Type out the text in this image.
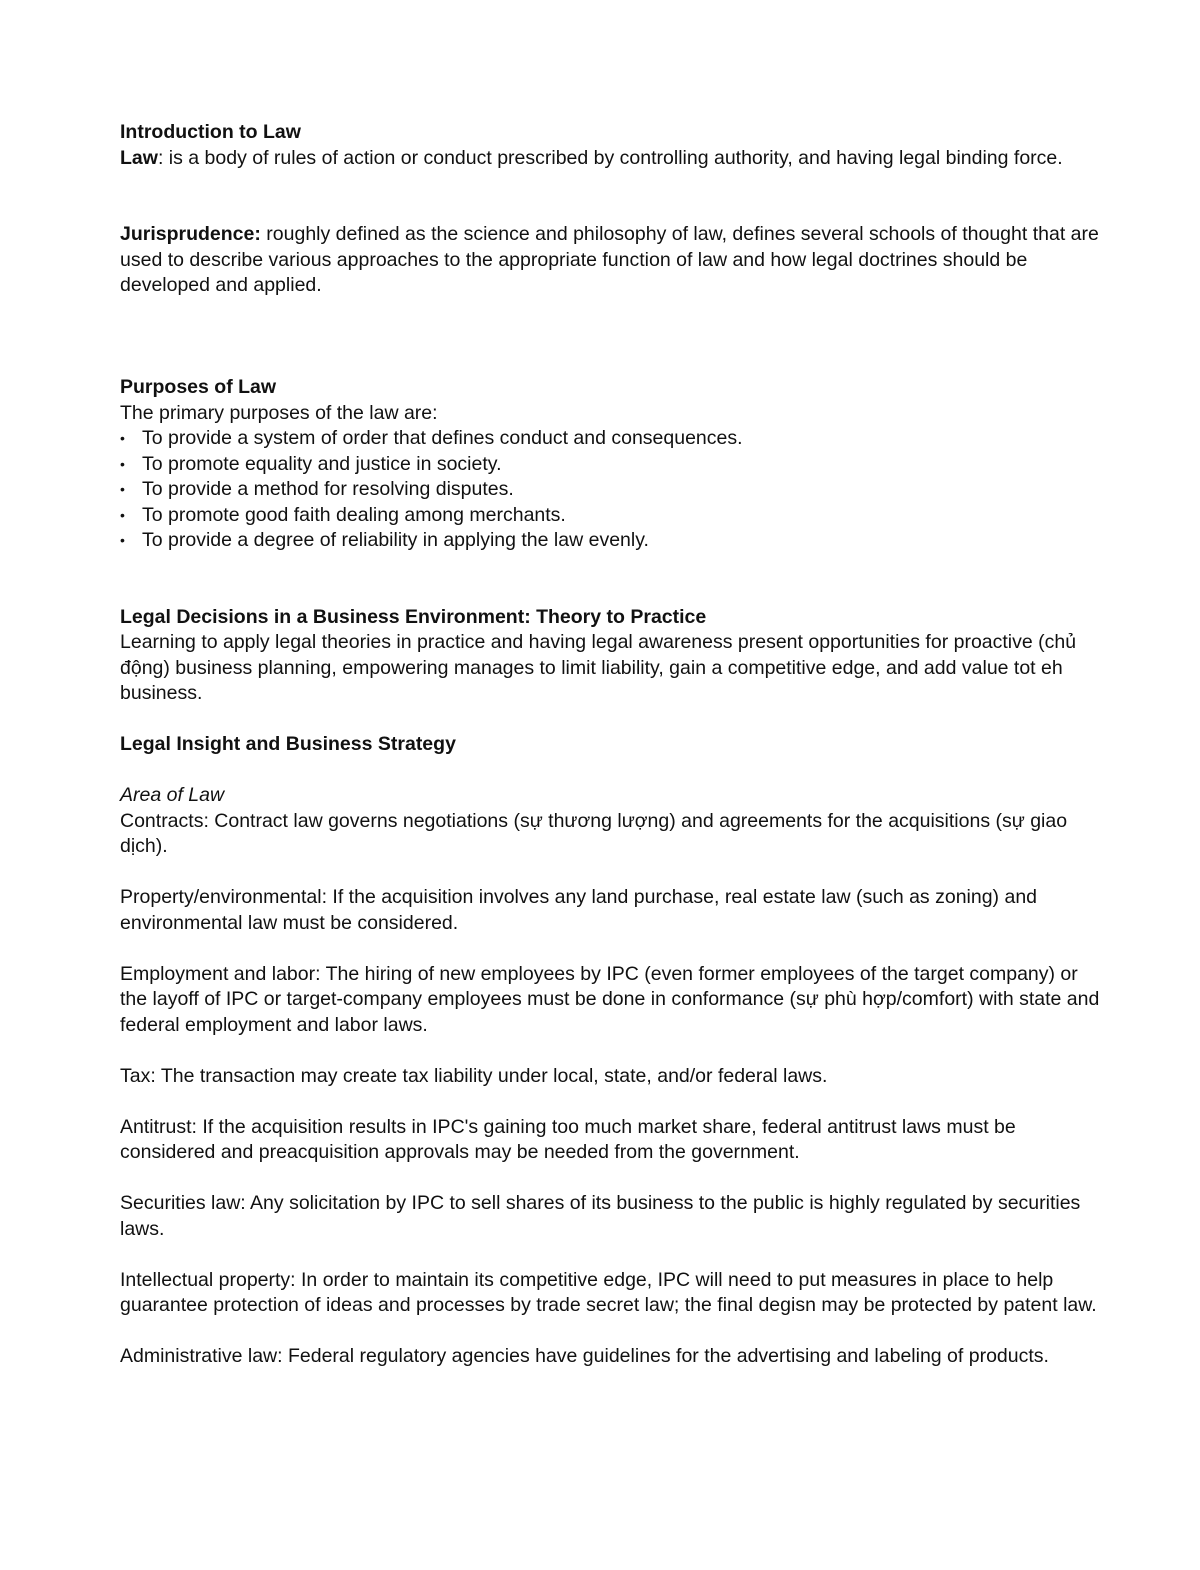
Introduction to Law

Law: is a body of rules of action or conduct prescribed by controlling authority, and having legal binding force.

Jurisprudence: roughly defined as the science and philosophy of law, defines several schools of thought that are used to describe various approaches to the appropriate function of law and how legal doctrines should be developed and applied.

Purposes of Law

The primary purposes of the law are:

• To provide a system of order that defines conduct and consequences.
• To promote equality and justice in society.
• To provide a method for resolving disputes.
• To promote good faith dealing among merchants.
• To provide a degree of reliability in applying the law evenly.

Legal Decisions in a Business Environment: Theory to Practice

Learning to apply legal theories in practice and having legal awareness present opportunities for proactive (chủ động) business planning, empowering manages to limit liability, gain a competitive edge, and add value tot eh business.

Legal Insight and Business Strategy

Area of Law

Contracts: Contract law governs negotiations (sự thương lượng) and agreements for the acquisitions (sự giao dịch).

Property/environmental: If the acquisition involves any land purchase, real estate law (such as zoning) and environmental law must be considered.

Employment and labor: The hiring of new employees by IPC (even former employees of the target company) or the layoff of IPC or target-company employees must be done in conformance (sự phù hợp/comfort) with state and federal employment and labor laws.

Tax: The transaction may create tax liability under local, state, and/or federal laws.

Antitrust: If the acquisition results in IPC's gaining too much market share, federal antitrust laws must be considered and preacquisition approvals may be needed from the government.

Securities law: Any solicitation by IPC to sell shares of its business to the public is highly regulated by securities laws.

Intellectual property: In order to maintain its competitive edge, IPC will need to put measures in place to help guarantee protection of ideas and processes by trade secret law; the final degisn may be protected by patent law.

Administrative law: Federal regulatory agencies have guidelines for the advertising and labeling of products.
